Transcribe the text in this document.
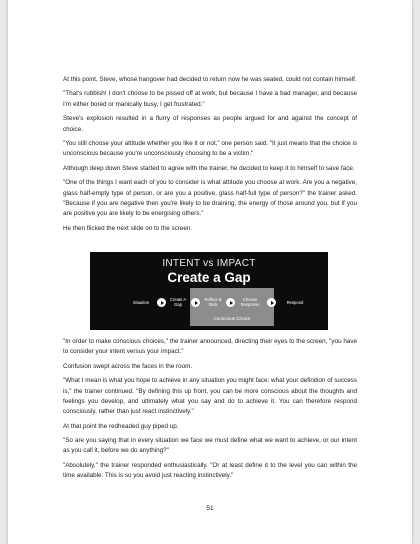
At this point, Steve, whose hangover had decided to return now he was seated, could not contain himself.

"That's rubbish! I don't choose to be pissed off at work, but because I have a bad manager, and because I'm either bored or manically busy, I get frustrated."

Steve's explosion resulted in a flurry of responses as people argued for and against the concept of choice.

"You still choose your attitude whether you like it or not," one person said. "It just means that the choice is unconscious because you're unconsciously choosing to be a victim."

Although deep down Steve started to agree with the trainer, he decided to keep it to himself to save face.

"One of the things I want each of you to consider is what attitude you choose at work. Are you a negative, glass half-empty type of person, or are you a positive, glass half-full type of person?" the trainer asked. "Because if you are negative then you're likely to be draining, the energy of those around you, but if you are positive you are likely to be energising others."

He then flicked the next slide on to the screen.

INTENT vs IMPACT
Create a Gap
Situation
Create A Gap
Reflect & think
Choose Response	Respond
Conscious Choice

"In order to make conscious choices," the trainer announced, directing their eyes to the screen, "you have to consider your intent versus your impact."

Confusion swept across the faces in the room.

"What I mean is what you hope to achieve in any situation you might face; what your definition of success is," the trainer continued. "By defining this up front, you can be more conscious about the thoughts and feelings you develop, and ultimately what you say and do to achieve it. You can therefore respond consciously, rather than just react instinctively."

At that point the redheaded guy piped up.

"So are you saying that in every situation we face we must define what we want to achieve, or our intent as you call it, before we do anything?"

"Absolutely," the trainer responded enthusiastically. "Or at least define it to the level you can within the time available. This is so you avoid just reacting instinctively."

51
